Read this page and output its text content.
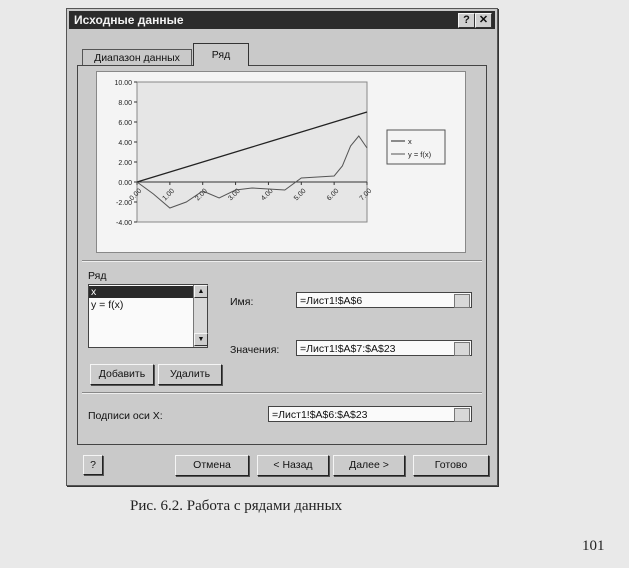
Исходные данные	? ✕
Диапазон данных	Ряд
10.00
8.00
6.00
4.00
2.00
0.00
-2.00
-4.00
0.00	1.00	2.00	3.00	4.00	5.00	6.00	7.00
x
y = f(x)
Ряд
x
y = f(x)
▲
▼
Имя:	=Лист1!$A$6
Значения:	=Лист1!$A$7:$A$23
Добавить	Удалить
Подписи оси X:	=Лист1!$A$6:$A$23
?	Отмена	< Назад	Далее >	Готово
Рис. 6.2. Работа с рядами данных
101
